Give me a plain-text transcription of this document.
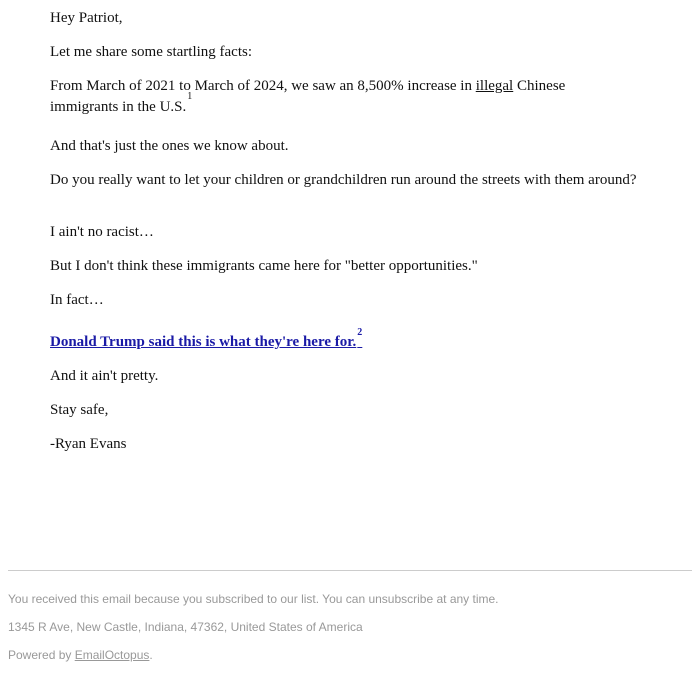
Hey Patriot,

Let me share some startling facts:

From March of 2021 to March of 2024, we saw an 8,500% increase in illegal Chinese
immigrants in the U.S.$^1$

And that's just the ones we know about.

Do you really want to let your children or grandchildren run around the streets with them around?

I ain't no racist…

But I don't think these immigrants came here for "better opportunities."

In fact…

Donald Trump said this is what they're here for.$^2$

And it ain't pretty.

Stay safe,

-Ryan Evans

You received this email because you subscribed to our list. You can unsubscribe at any time.

1345 R Ave, New Castle, Indiana, 47362, United States of America

Powered by EmailOctopus.
